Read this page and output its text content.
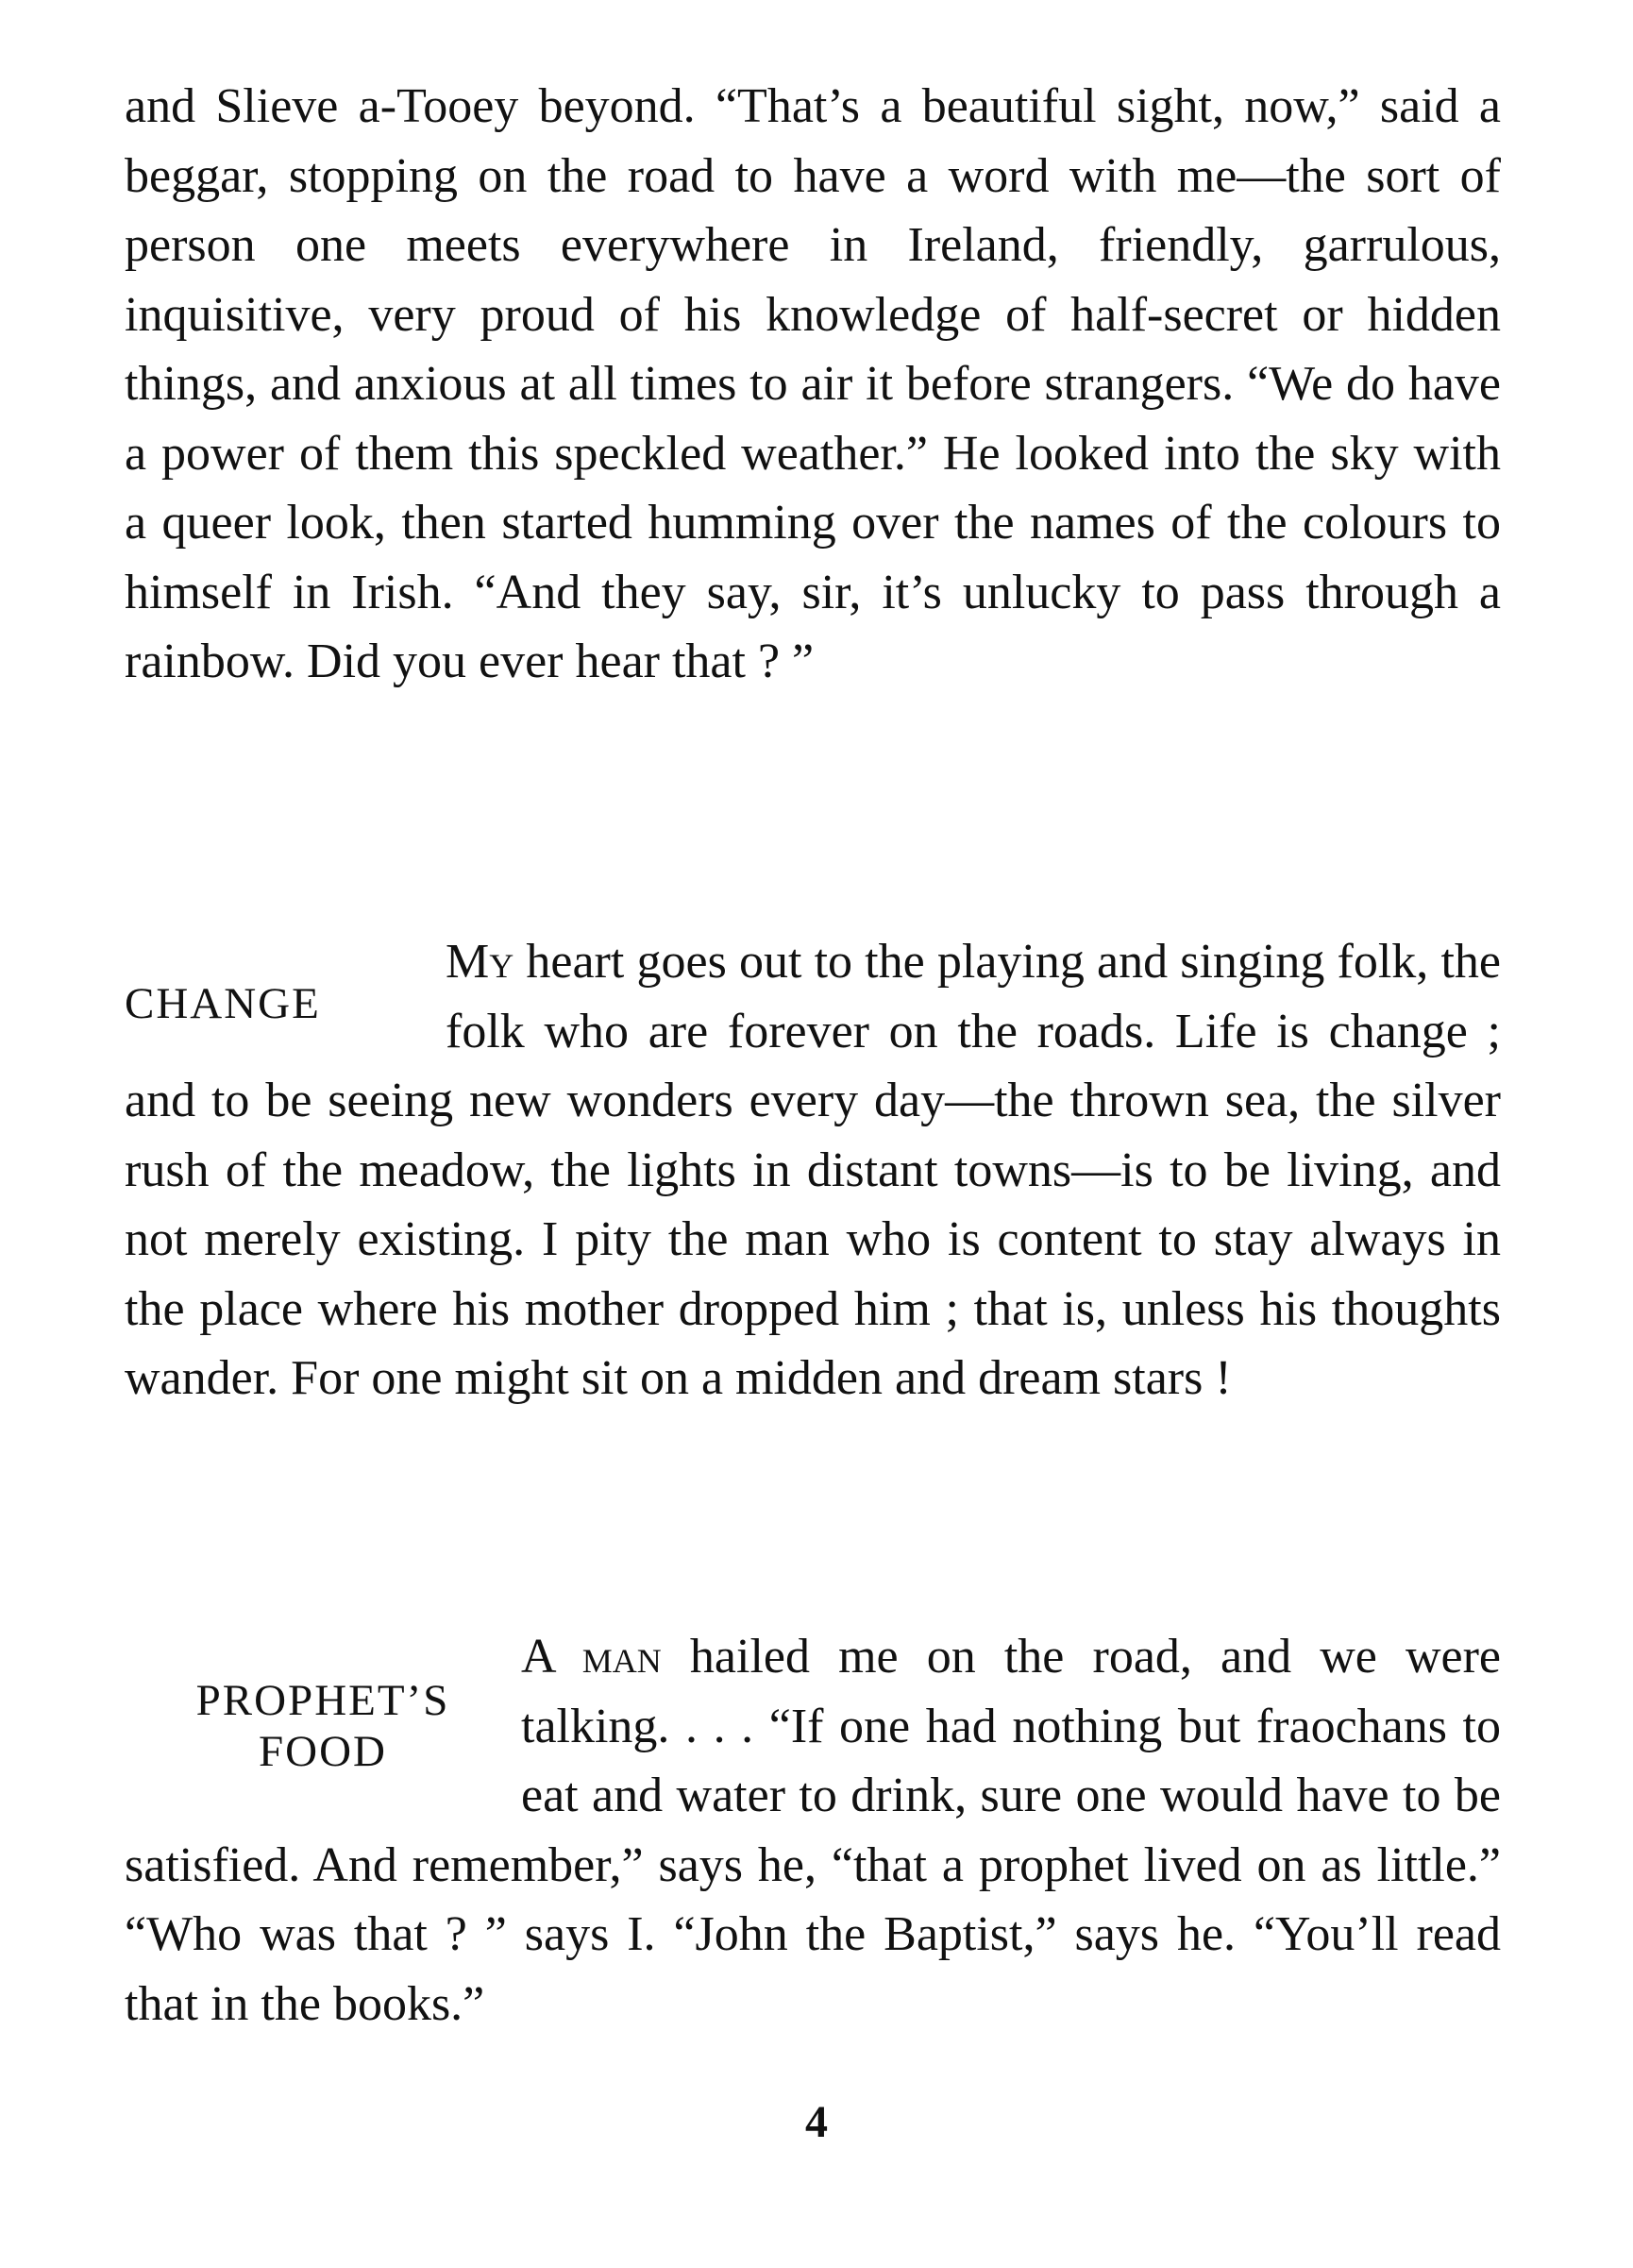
and Slieve a-Tooey beyond. “That’s a beautiful sight, now,” said a beggar, stopping on the road to have a word with me—the sort of person one meets everywhere in Ireland, friendly, garrulous, inquisitive, very proud of his knowledge of half-secret or hidden things, and anxious at all times to air it before strangers. “We do have a power of them this speckled weather.” He looked into the sky with a queer look, then started humming over the names of the colours to himself in Irish. “And they say, sir, it’s unlucky to pass through a rainbow. Did you ever hear that ? ”

CHANGE

My heart goes out to the playing and singing folk, the folk who are forever on the roads. Life is change ; and to be seeing new wonders every day—the thrown sea, the silver rush of the meadow, the lights in distant towns—is to be living, and not merely existing. I pity the man who is content to stay always in the place where his mother dropped him ; that is, unless his thoughts wander. For one might sit on a midden and dream stars !

PROPHET’S
FOOD

A man hailed me on the road, and we were talking. . . . “If one had nothing but fraochans to eat and water to drink, sure one would have to be satisfied. And remember,” says he, “that a prophet lived on as little.” “Who was that ? ” says I. “John the Baptist,” says he. “You’ll read that in the books.”

4
